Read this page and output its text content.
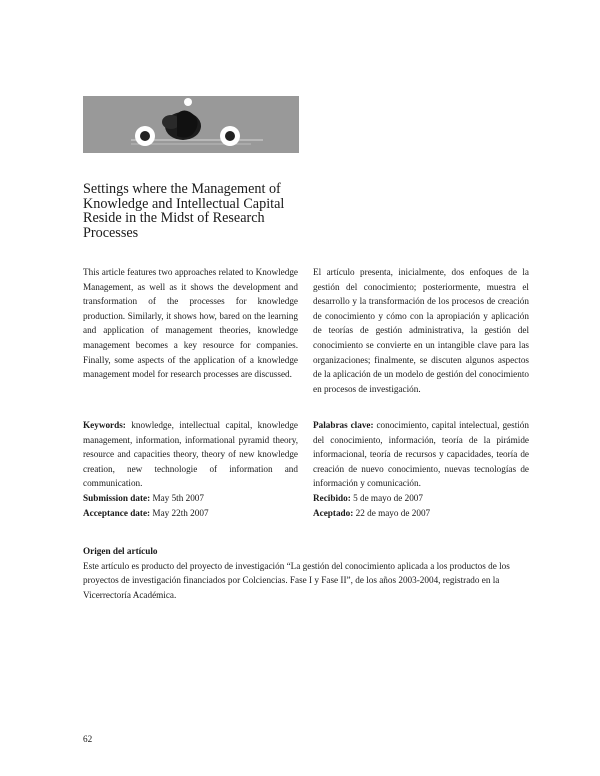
Settings where the Management of Knowledge and Intellectual Capital Reside in the Midst of Research Processes

This article features two approaches related to Knowledge Management, as well as it shows the development and transformation of the processes for knowledge production. Similarly, it shows how, bared on the learning and application of management theories, knowledge management becomes a key resource for companies. Finally, some aspects of the application of a knowledge management model for research processes are discussed.

El artículo presenta, inicialmente, dos enfoques de la gestión del conocimiento; posteriormente, muestra el desarrollo y la transformación de los procesos de creación de conocimiento y cómo con la apropiación y aplicación de teorías de gestión administrativa, la gestión del conocimiento se convierte en un intangible clave para las organizaciones; finalmente, se discuten algunos aspectos de la aplicación de un modelo de gestión del conocimiento en procesos de investigación.

Keywords: knowledge, intellectual capital, knowledge management, information, informational pyramid theory, resource and capacities theory, theory of new knowledge creation, new technologie of information and communication.

Submission date: May 5th 2007

Acceptance date: May 22th 2007

Palabras clave: conocimiento, capital intelectual, gestión del conocimiento, información, teoría de la pirámide informacional, teoría de recursos y capacidades, teoría de creación de nuevo conocimiento, nuevas tecnologías de información y comunicación.

Recibido: 5 de mayo de 2007

Aceptado: 22 de mayo de 2007

Origen del artículo

Este artículo es producto del proyecto de investigación “La gestión del conocimiento aplicada a los productos de los proyectos de investigación financiados por Colciencias. Fase I y Fase II”, de los años 2003-2004, registrado en la Vicerrectoría Académica.

62
